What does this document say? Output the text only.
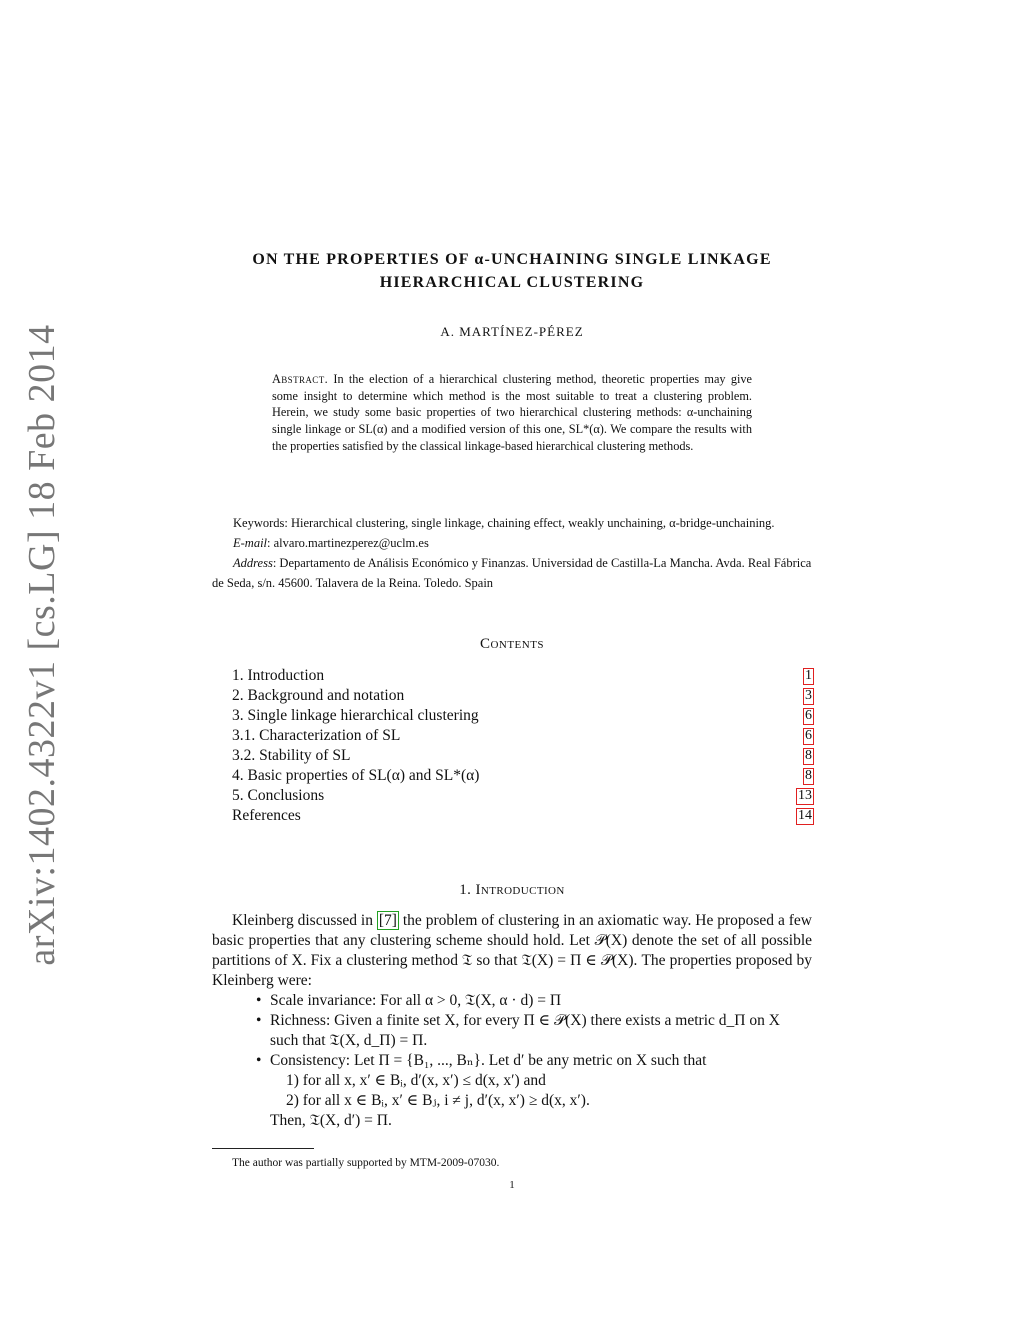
arXiv:1402.4322v1 [cs.LG] 18 Feb 2014
ON THE PROPERTIES OF α-UNCHAINING SINGLE LINKAGE
HIERARCHICAL CLUSTERING
A. MARTÍNEZ-PÉREZ
Abstract. In the election of a hierarchical clustering method, theoretic properties may give some insight to determine which method is the most suitable to treat a clustering problem. Herein, we study some basic properties of two hierarchical clustering methods: α-unchaining single linkage or SL(α) and a modified version of this one, SL*(α). We compare the results with the properties satisfied by the classical linkage-based hierarchical clustering methods.

Keywords: Hierarchical clustering, single linkage, chaining effect, weakly unchaining, α-bridge-unchaining.

E-mail: alvaro.martinezperez@uclm.es

Address: Departamento de Análisis Económico y Finanzas. Universidad de Castilla-La Mancha. Avda. Real Fábrica de Seda, s/n. 45600. Talavera de la Reina. Toledo. Spain

Contents
1. Introduction	1
2. Background and notation	3
3. Single linkage hierarchical clustering	6
3.1. Characterization of SL	6
3.2. Stability of SL	8
4. Basic properties of SL(α) and SL*(α)	8
5. Conclusions	13
References	14
1. Introduction

Kleinberg discussed in [7] the problem of clustering in an axiomatic way. He proposed a few basic properties that any clustering scheme should hold. Let 𝒫(X) denote the set of all possible partitions of X. Fix a clustering method 𝔗 so that 𝔗(X) = Π ∈ 𝒫(X). The properties proposed by Kleinberg were:

• Scale invariance: For all α > 0, 𝔗(X, α · d) = Π
• Richness: Given a finite set X, for every Π ∈ 𝒫(X) there exists a metric d_Π on X such that 𝔗(X, d_Π) = Π.
• Consistency: Let Π = {B₁, ..., Bₙ}. Let d′ be any metric on X such that
1) for all x, x′ ∈ Bᵢ, d′(x, x′) ≤ d(x, x′) and
2) for all x ∈ Bᵢ, x′ ∈ Bⱼ, i ≠ j, d′(x, x′) ≥ d(x, x′).
Then, 𝔗(X, d′) = Π.
The author was partially supported by MTM-2009-07030.
1
